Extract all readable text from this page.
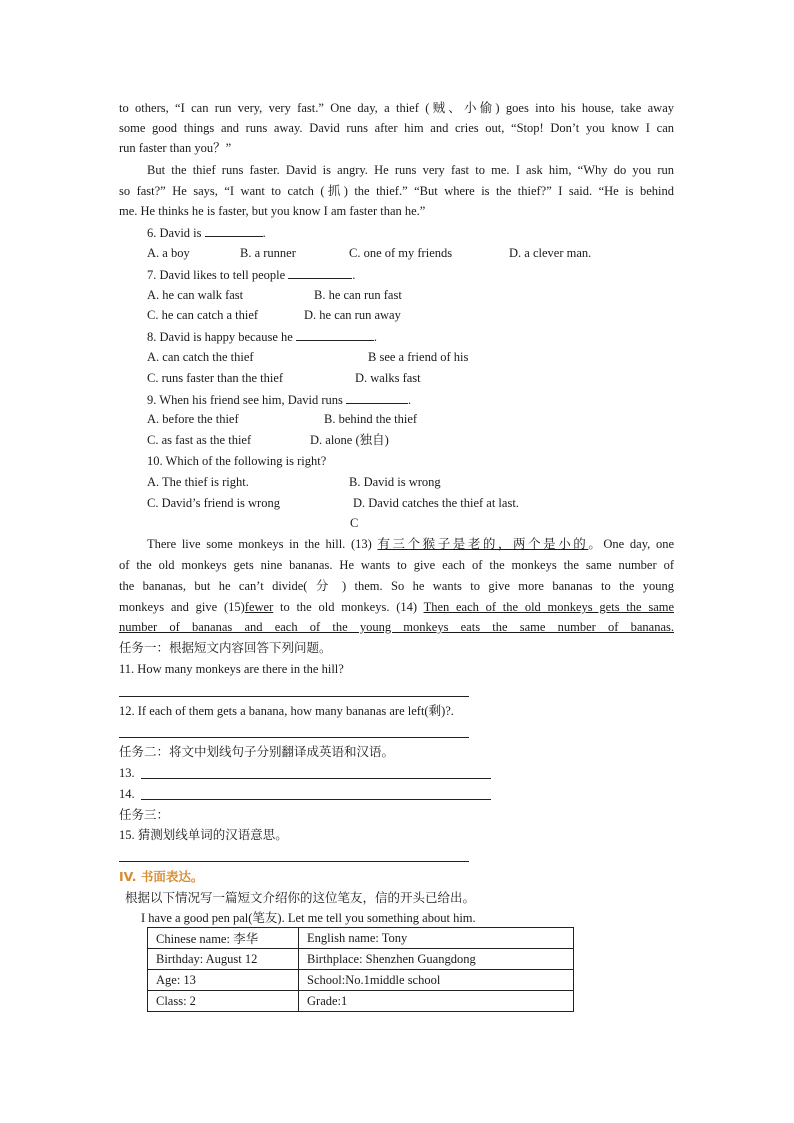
to others, “I can run very, very fast.” One day, a thief (贼、小偷) goes into his house, take away
some good things and runs away. David runs after him and cries out, “Stop! Don’t you know I can
run faster than you？”
But the thief runs faster. David is angry. He runs very fast to me. I ask him, “Why do you run
so fast?” He says, “I want to catch (抓) the thief.” “But where is the thief?” I said. “He is behind
me. He thinks he is faster, but you know I am faster than he.”
6. David is	.
A. a boy	B. a runner	C. one of my friends	D. a clever man.
7. David likes to tell people	.
A. he can walk fast	B. he can run fast
C. he can catch a thief	D. he can run away
8. David is happy because he	.
A. can catch the thief	B see a friend of his
C. runs faster than the thief	D. walks fast
9. When his friend see him, David runs	.
A. before the thief	B. behind the thief
C. as fast as the thief	D. alone (独自)
10. Which of the following is right?
A. The thief is right.	B. David is wrong
C. David’s friend is wrong	D. David catches the thief at last.
C
There live some monkeys in the hill. (13) 有三个猴子是老的，两个是小的。One day, one
of the old monkeys gets nine bananas. He wants to give each of the monkeys the same number of
the bananas, but he can’t divide( 分 ) them. So he wants to give more bananas to the young
monkeys and give (15)fewer to the old monkeys. (14) Then each of the old monkeys gets the same
number of bananas and each of the young monkeys eats the same number of bananas.
任务一：根据短文内容回答下列问题。
11. How many monkeys are there in the hill?
12. If each of them gets a banana, how many bananas are left(剩)?.
任务二：将文中划线句子分别翻译成英语和汉语。
13.
14.
任务三：
15. 猜测划线单词的汉语意思。
IV. 书面表达。
根据以下情况写一篇短文介绍你的这位笔友，信的开头已给出。
I have a good pen pal(笔友). Let me tell you something about him.
Chinese name: 李华	English name: Tony
Birthday: August 12	Birthplace: Shenzhen Guangdong
Age: 13	School:No.1middle school
Class: 2	Grade:1
